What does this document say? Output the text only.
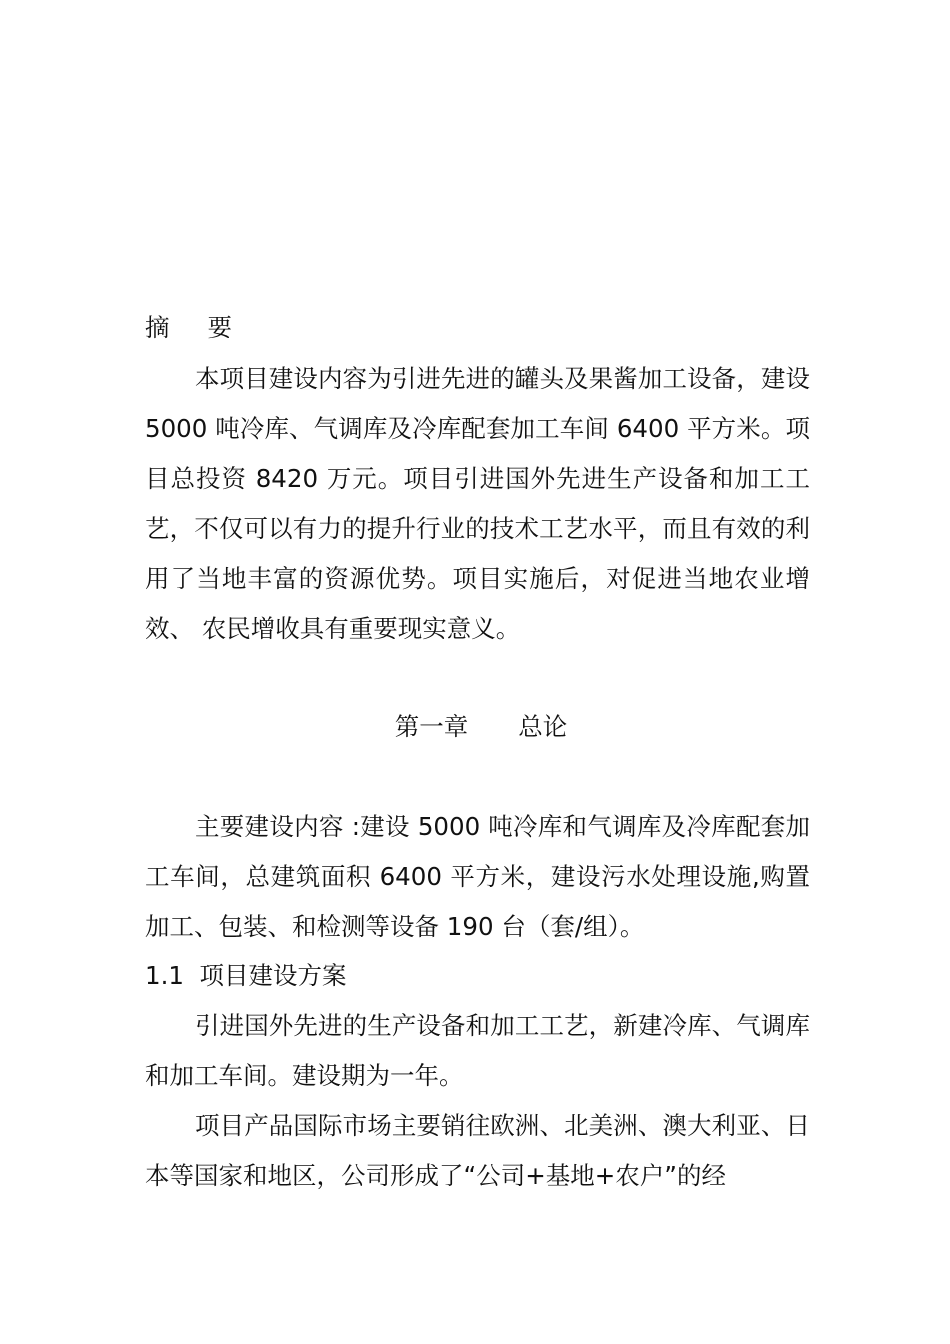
摘 要

本项目建设内容为引进先进的罐头及果酱加工设备，建设 5000 吨冷库、气调库及冷库配套加工车间 6400 平方米。项目总投资 8420 万元。项目引进国外先进生产设备和加工工艺，不仅可以有力的提升行业的技术工艺水平，而且有效的利用了当地丰富的资源优势。项目实施后，对促进当地农业增效、 农民增收具有重要现实意义。

第一章 总论

主要建设内容 :建设 5000 吨冷库和气调库及冷库配套加工车间，总建筑面积 6400 平方米，建设污水处理设施,购置加工、包装、和检测等设备 190 台（套/组）。

1.1 项目建设方案

引进国外先进的生产设备和加工工艺，新建冷库、气调库和加工车间。建设期为一年。

项目产品国际市场主要销往欧洲、北美洲、澳大利亚、日本等国家和地区，公司形成了“公司+基地+农户”的经
